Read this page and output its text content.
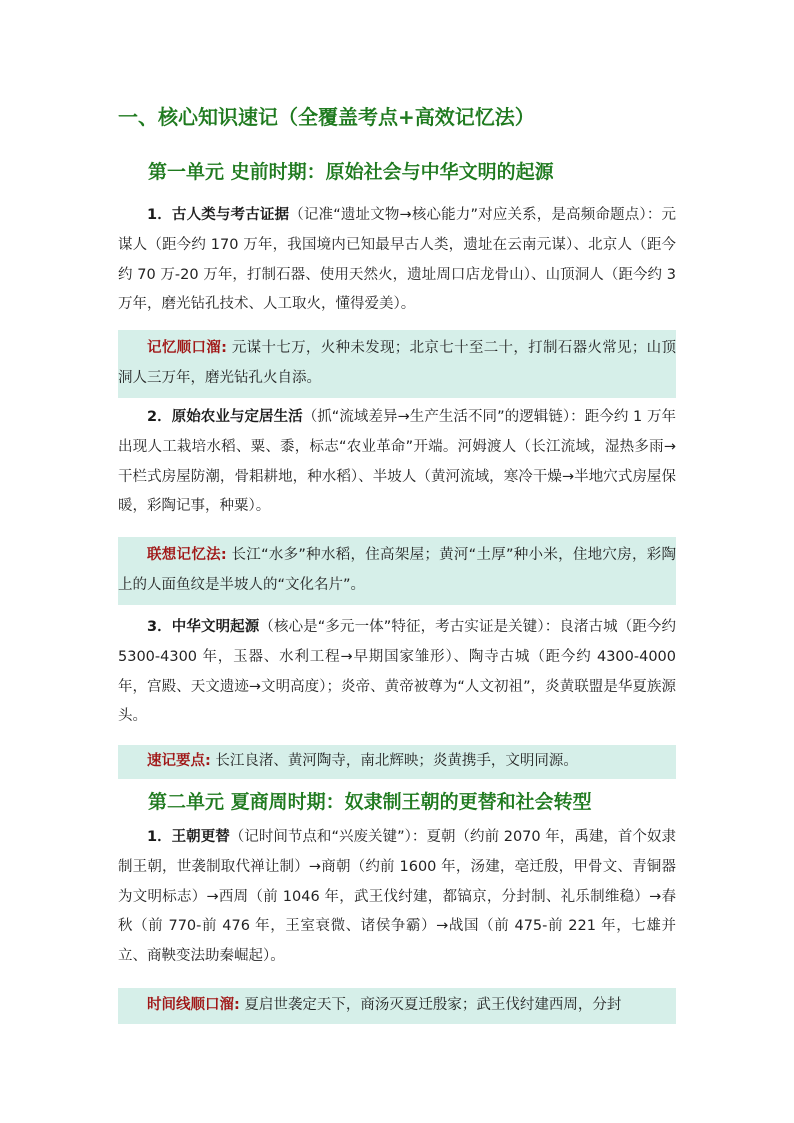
一、核心知识速记（全覆盖考点+高效记忆法）
第一单元 史前时期：原始社会与中华文明的起源
1．古人类与考古证据（记准“遗址文物→核心能力”对应关系，是高频命题点）：元谋人（距今约 170 万年，我国境内已知最早古人类，遗址在云南元谋）、北京人（距今约 70 万-20 万年，打制石器、使用天然火，遗址周口店龙骨山）、山顶洞人（距今约 3 万年，磨光钻孔技术、人工取火，懂得爱美）。
记忆顺口溜: 元谋十七万，火种未发现；北京七十至二十，打制石器火常见；山顶洞人三万年，磨光钻孔火自添。
2．原始农业与定居生活（抓“流域差异→生产生活不同”的逻辑链）：距今约 1 万年出现人工栽培水稻、粟、黍，标志“农业革命”开端。河姆渡人（长江流域，湿热多雨→干栏式房屋防潮，骨耜耕地，种水稻）、半坡人（黄河流域，寒冷干燥→半地穴式房屋保暖，彩陶记事，种粟）。
联想记忆法: 长江“水多”种水稻，住高架屋；黄河“土厚”种小米，住地穴房，彩陶上的人面鱼纹是半坡人的“文化名片”。
3．中华文明起源（核心是“多元一体”特征，考古实证是关键）：良渚古城（距今约 5300-4300 年，玉器、水利工程→早期国家雏形）、陶寺古城（距今约 4300-4000 年，宫殿、天文遗迹→文明高度）；炎帝、黄帝被尊为“人文初祖”，炎黄联盟是华夏族源头。
速记要点: 长江良渚、黄河陶寺，南北辉映；炎黄携手，文明同源。
第二单元 夏商周时期：奴隶制王朝的更替和社会转型
1．王朝更替（记时间节点和“兴废关键”）：夏朝（约前 2070 年，禹建，首个奴隶制王朝，世袭制取代禅让制）→商朝（约前 1600 年，汤建，亳迁殷，甲骨文、青铜器为文明标志）→西周（前 1046 年，武王伐纣建，都镐京，分封制、礼乐制维稳）→春秋（前 770-前 476 年，王室衰微、诸侯争霸）→战国（前 475-前 221 年，七雄并立、商鞅变法助秦崛起）。
时间线顺口溜: 夏启世袭定天下，商汤灭夏迁殷家；武王伐纣建西周，分封
